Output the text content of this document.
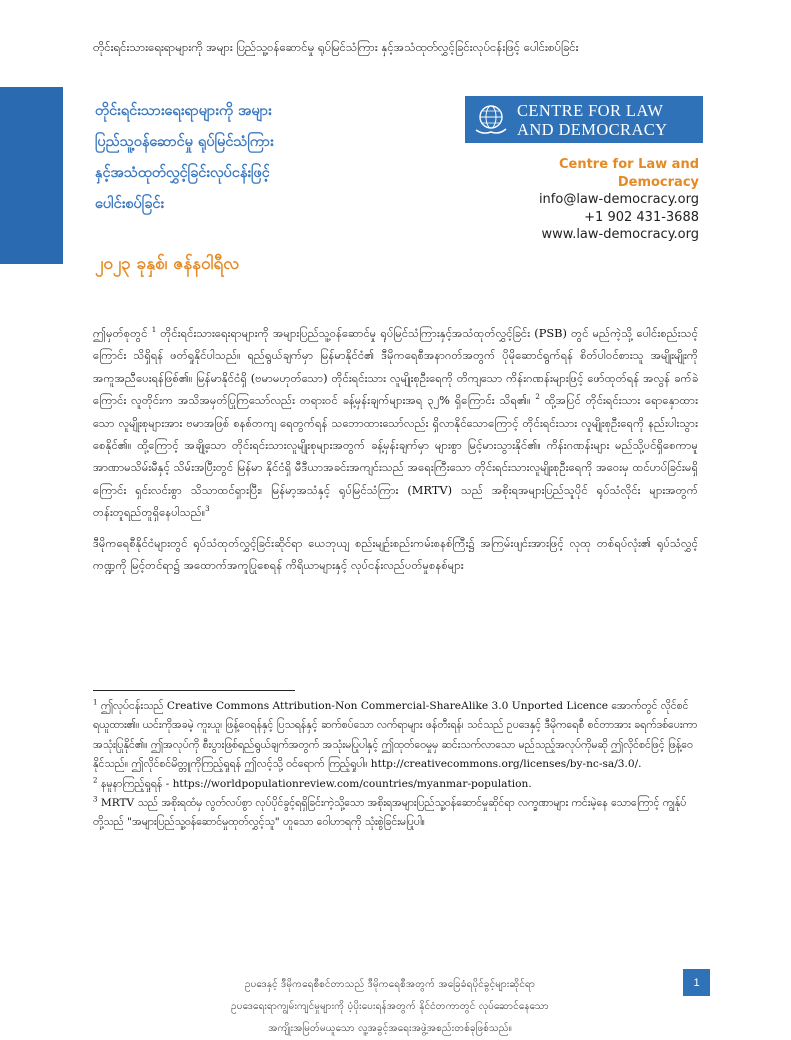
တိုင်းရင်းသားရေးရာများကို အများ ပြည်သူ့ဝန်ဆောင်မှု ရုပ်မြင်သံကြား နှင့်အသံထုတ်လွှင့်ခြင်းလုပ်ငန်းဖြင့် ပေါင်းစပ်ခြင်း
တိုင်းရင်းသားရေးရာများကို အများ
ပြည်သူ့ဝန်ဆောင်မှု ရုပ်မြင်သံကြား
နှင့်အသံထုတ်လွှင့်ခြင်းလုပ်ငန်းဖြင့်
ပေါင်းစပ်ခြင်း
၂၀၂၃ ခုနှစ်၊ ဇန်နဝါရီလ
CENTRE FOR LAW
AND DEMOCRACY
Centre for Law and
Democracy
info@law-democracy.org
+1 902 431-3688
www.law-democracy.org

ဤမှတ်စုတွင် $^1$ တိုင်းရင်းသားရေးရာများကို အများပြည်သူ့ဝန်ဆောင်မှု ရုပ်မြင်သံကြားနှင့်အသံထုတ်လွှင့်ခြင်း (PSB) တွင် မည်ကဲ့သို့ ပေါင်းစည်းသင့်ကြောင်း သိရှိရန် ဖတ်ရှုနိုင်ပါသည်။ ရည်ရွယ်ချက်မှာ မြန်မာနိုင်ငံ၏ ဒီမိုကရေစီအနာဂတ်အတွက် ပိုမိုဆောင်ရွက်ရန် စိတ်ပါဝင်စားသူ အမျိုးမျိုးကို အကူအညီပေးရန်ဖြစ်၏။ မြန်မာနိုင်ငံရှိ (ဗမာမဟုတ်သော) တိုင်းရင်းသား လူမျိုးစုဦးရေကို တိကျသော ကိန်းဂဏန်းများဖြင့် ဖော်ထုတ်ရန် အလွန် ခက်ခဲကြောင်း လူတိုင်းက အသိအမှတ်ပြုကြသော်လည်း တရားဝင် ခန့်မှန်းချက်များအရ ၃၂% ရှိကြောင်း သိရ၏။ $^2$ ထို့အပြင် တိုင်းရင်းသား ရောနှောထားသော လူမျိုးစုများအား ဗမာအဖြစ် စနစ်တကျ ရေတွက်ရန် သဘောထားသော်လည်း ရှိလာနိုင်သောကြောင့် တိုင်းရင်းသား လူမျိုးစုဦးရေကို နည်းပါးသွားစေနိုင်၏။ ထို့ကြောင့် အချို့သော တိုင်းရင်းသားလူမျိုးစုများအတွက် ခန့်မှန်းချက်မှာ များစွာ မြင့်မားသွားနိုင်၏။ ကိန်းဂဏန်းများ မည်သို့ပင်ရှိစေကာမူ အာဏာမသိမ်းမီနှင့် သိမ်းအပြီးတွင် မြန်မာ နိုင်ငံရှိ မီဒီယာအခင်းအကျင်းသည် အရေးကြီးသော တိုင်းရင်းသားလူမျိုးစုဦးရေကို အဝေးမှ ထင်ဟပ်ခြင်းမရှိကြောင်း ရှင်းလင်းစွာ သိသာထင်ရှားပြီး၊ မြန်မာ့အသံနှင့် ရုပ်မြင်သံကြား (MRTV) သည် အစိုးရအများပြည်သူပိုင် ရုပ်သံလိုင်း များအတွက် တန်းတူရည်တူရှိနေပါသည်။$^3$

ဒီမိုကရေစီနိုင်ငံများတွင် ရုပ်သံထုတ်လွှင့်ခြင်းဆိုင်ရာ ယေဘုယျ စည်းမျဉ်းစည်းကမ်းစနစ်ကြီး၌ အကြမ်းဖျင်းအားဖြင့် လုထု တစ်ရပ်လုံး၏ ရုပ်သံလွှင့်ကဏ္ဍကို မြင့်တင်ရာ၌ အထောက်အကူပြုစေရန် ကိရိယာများနှင့် လုပ်ငန်းလည်ပတ်မှုစနစ်များ

$^1$ ဤလုပ်ငန်းသည် Creative Commons Attribution-Non Commercial-ShareAlike 3.0 Unported Licence အောက်တွင် လိုင်စင်ရယူထား၏။ ယင်းကိုအခမဲ့ ကူးယူ၊ ဖြန့်ဝေရန်နှင့် ပြသရန်နှင့် ဆက်စပ်သော လက်ရာများ ဖန်တီးရန်၊ သင်သည် ဥပဒေနှင့် ဒီမိုကရေစီ စင်တာအား ခရက်ဒစ်ပေးကာ အသုံးပြုနိုင်၏။ ဤအလုပ်ကို စီးပွားဖြစ်ရည်ရွယ်ချက်အတွက် အသုံးမပြုပါနှင့် ဤထုတ်ဝေမှုမှ ဆင်းသက်လာသော မည်သည့်အလုပ်ကိုမဆို ဤလိုင်စင်ဖြင့် ဖြန့်ဝေနိုင်သည်။ ဤလိုင်စင်မိတ္တူကိုကြည့်ရှုရန် ဤလင့်သို့ ဝင်ရောက် ကြည့်ရှုပါ။ http://creativecommons.org/licenses/by-nc-sa/3.0/.

$^2$ နမူနာကြည့်ရှုရန် - https://worldpopulationreview.com/countries/myanmar-population.

$^3$ MRTV သည် အစိုးရထံမှ လွတ်လပ်စွာ လုပ်ပိုင်ခွင့်ရရှိခြင်းကဲ့သို့သော အစိုးရအများပြည်သူ့ဝန်ဆောင်မှုဆိုင်ရာ လက္ခဏာများ ကင်းမဲ့နေ သောကြောင့် ကျွန်ုပ်တို့သည် "အများပြည်သူ့ဝန်ဆောင်မှုထုတ်လွှင့်သူ" ဟူသော ဝေါဟာရကို သုံးစွဲခြင်းမပြုပါ။

ဥပဒေနှင့် ဒီမိုကရေစီစင်တာသည် ဒီမိုကရေစီအတွက် အခြေခံရပိုင်ခွင့်များဆိုင်ရာ
ဥပဒေရေးရာကျွမ်းကျင်မှုများကို ပံ့ပိုးပေးရန်အတွက် နိုင်ငံတကာတွင် လုပ်ဆောင်နေသော
အကျိုးအမြတ်မယူသော လူ့အခွင့်အရေးအဖွဲ့အစည်းတစ်ခုဖြစ်သည်။
1
